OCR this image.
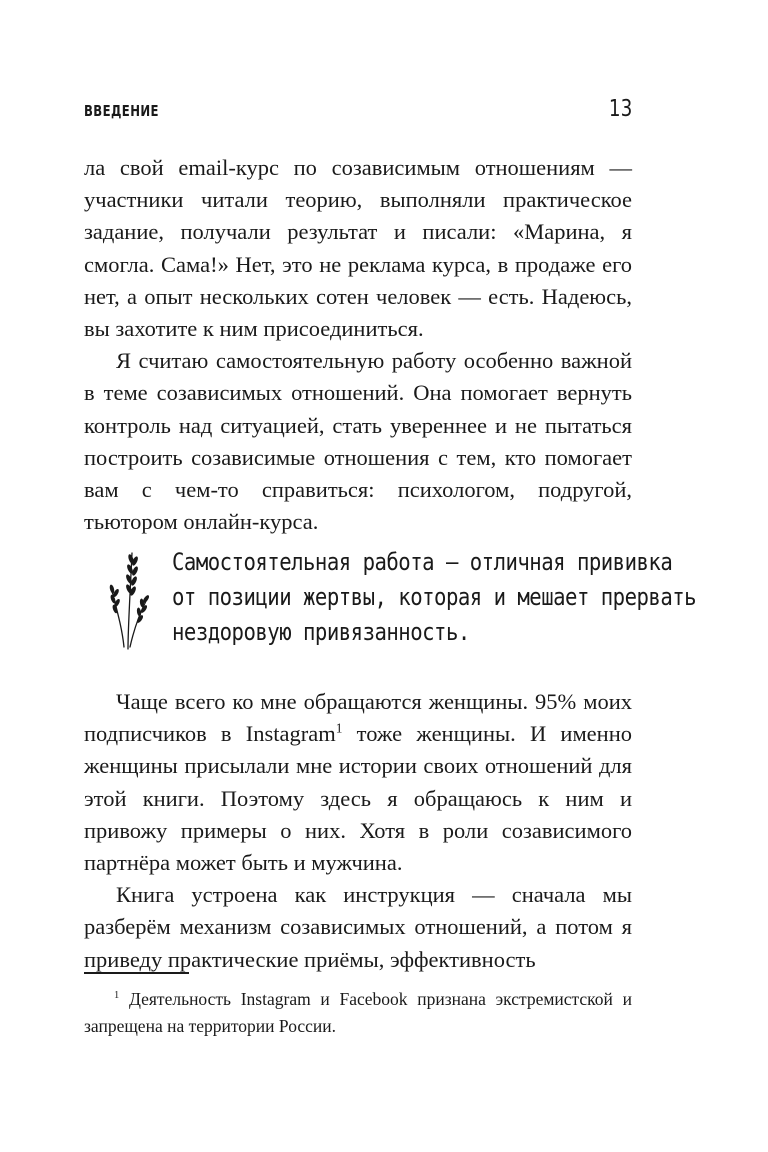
ВВЕДЕНИЕ	13

ла свой email-курс по созависимым отношениям — участники читали теорию, выполняли практическое задание, получали результат и писали: «Марина, я смогла. Сама!» Нет, это не реклама курса, в продаже его нет, а опыт нескольких сотен человек — есть. Надеюсь, вы захотите к ним присоединиться.

Я считаю самостоятельную работу особенно важной в теме созависимых отношений. Она помогает вернуть контроль над ситуацией, стать увереннее и не пытаться построить созависимые отношения с тем, кто помогает вам с чем-то справиться: психологом, подругой, тьютором онлайн-курса.

Самостоятельная работа – отличная прививка
от позиции жертвы, которая и мешает прервать
нездоровую привязанность.

Чаще всего ко мне обращаются женщины. 95% моих подписчиков в Instagram$^1$ тоже женщины. И именно женщины присылали мне истории своих отношений для этой книги. Поэтому здесь я обращаюсь к ним и привожу примеры о них. Хотя в роли созависимого партнёра может быть и мужчина.

Книга устроена как инструкция — сначала мы разберём механизм созависимых отношений, а потом я приведу практические приёмы, эффективность

$^1$ Деятельность Instagram и Facebook признана экстремистской и запрещена на территории России.
